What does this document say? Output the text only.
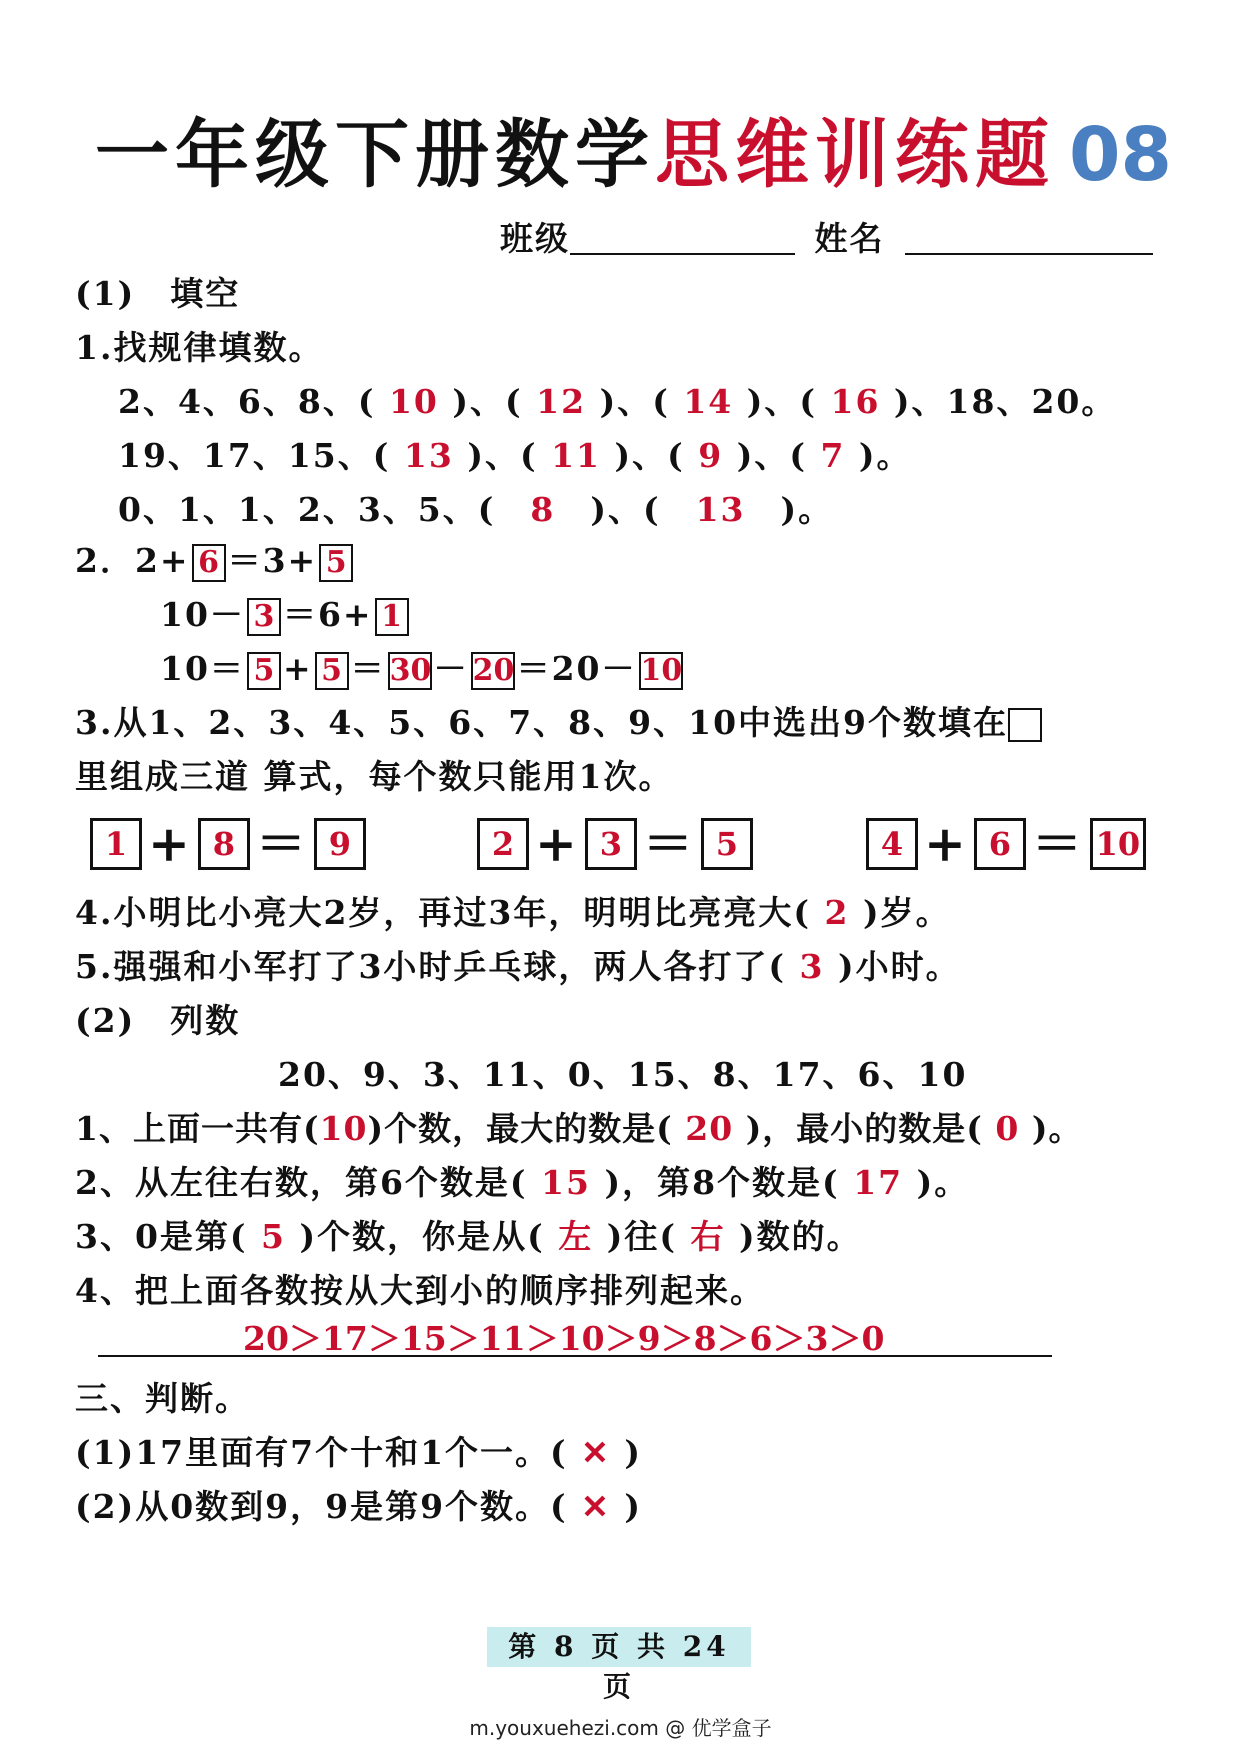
一年级下册数学思维训练题 08
班级	姓名
(1)　填空
1.找规律填数。
2、4、6、8、( 10 )、( 12 )、( 14 )、( 16 )、18、20。
19、17、15、( 13 )、( 11 )、( 9 )、( 7 )。
0、1、1、2、3、5、(　 8　 )、(　 13　 )。
2．2+ 6 ＝3+ 5
10－ 3 ＝6+ 1
10＝ 5 + 5 ＝ 30－ 20＝20－ 10
3.从1、2、3、4、5、6、7、8、9、10中选出9个数填在
里组成三道 算式，每个数只能用1次。
1 + 8 ＝ 9	2 + 3 ＝ 5	4 + 6 ＝ 10
4.小明比小亮大2岁，再过3年，明明比亮亮大( 2 )岁。
5.强强和小军打了3小时乒乓球，两人各打了( 3 )小时。
(2)　列数
20、9、3、11、0、15、8、17、6、10
1、上面一共有(10)个数，最大的数是( 20 )，最小的数是( 0 )。
2、从左往右数，第6个数是( 15 )，第8个数是( 17 )。
3、0是第( 5 )个数，你是从( 左 )往( 右 )数的。
4、把上面各数按从大到小的顺序排列起来。
20＞17＞15＞11＞10＞9＞8＞6＞3＞0
三、判断。
(1)17里面有7个十和1个一。( ✕ )
(2)从0数到9，9是第9个数。( ✕ )
第 8 页 共 24 页
m.youxuehezi.com @ 优学盒子
